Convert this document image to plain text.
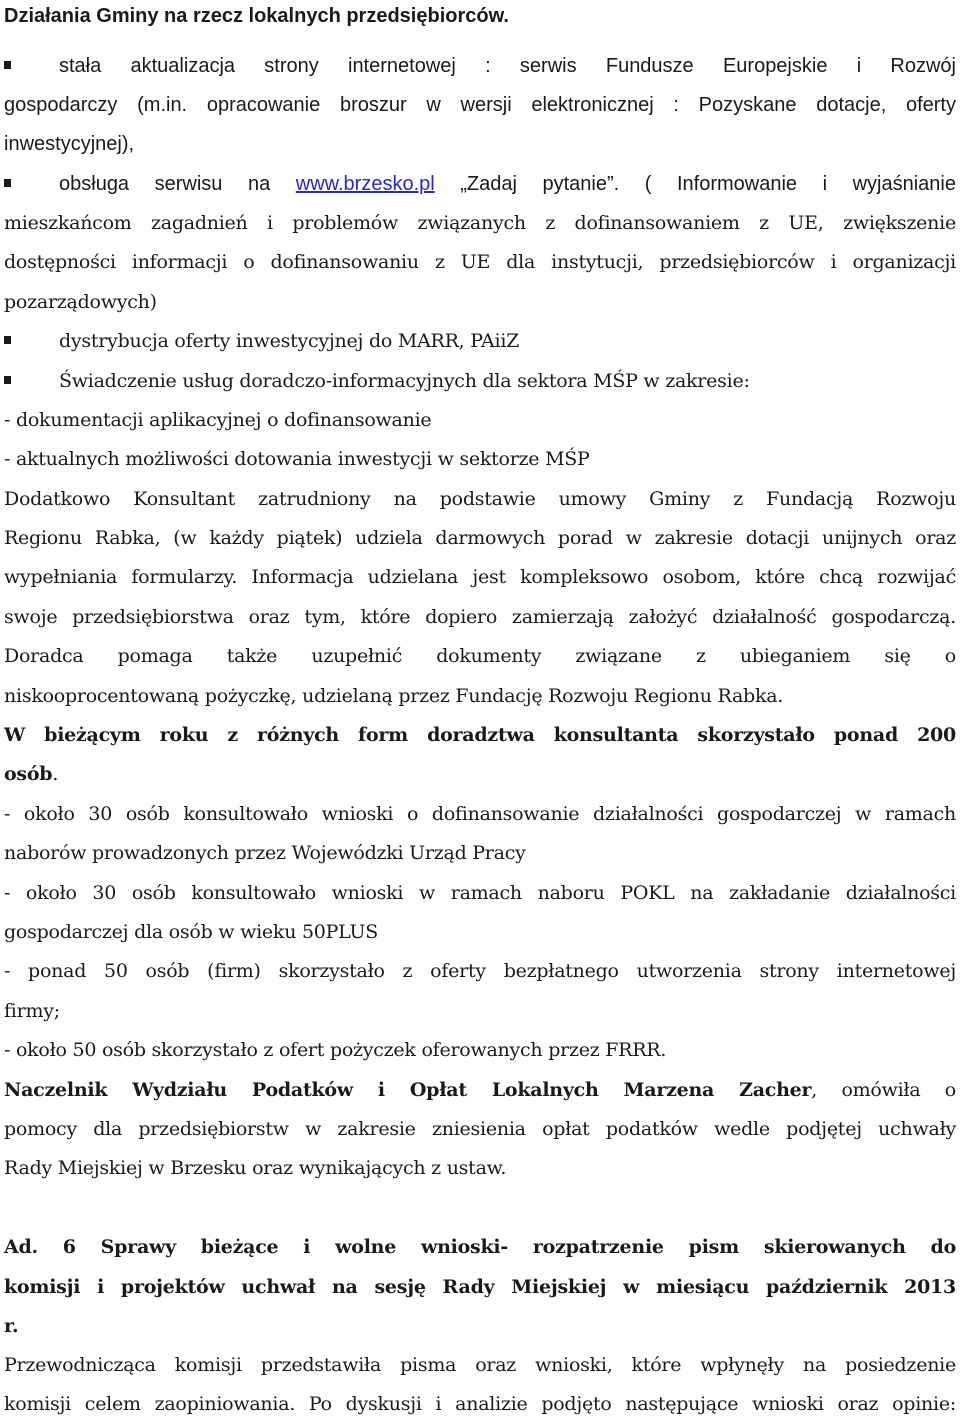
Działania Gminy na rzecz lokalnych przedsiębiorców.
stała aktualizacja strony internetowej : serwis Fundusze Europejskie i Rozwój
gospodarczy (m.in. opracowanie broszur w wersji elektronicznej : Pozyskane dotacje, oferty
inwestycyjnej),
obsługa serwisu na www.brzesko.pl „Zadaj pytanie”. ( Informowanie i wyjaśnianie
mieszkańcom zagadnień i problemów związanych z dofinansowaniem z UE, zwiększenie
dostępności informacji o dofinansowaniu z UE dla instytucji, przedsiębiorców i organizacji
pozarządowych)
dystrybucja oferty inwestycyjnej do MARR, PAiiZ
Świadczenie usług doradczo-informacyjnych dla sektora MŚP w zakresie:
- dokumentacji aplikacyjnej o dofinansowanie
- aktualnych możliwości dotowania inwestycji w sektorze MŚP
Dodatkowo Konsultant zatrudniony na podstawie umowy Gminy z Fundacją Rozwoju
Regionu Rabka, (w każdy piątek) udziela darmowych porad w zakresie dotacji unijnych oraz
wypełniania formularzy. Informacja udzielana jest kompleksowo osobom, które chcą rozwijać
swoje przedsiębiorstwa oraz tym, które dopiero zamierzają założyć działalność gospodarczą.
Doradca pomaga także uzupełnić dokumenty związane z ubieganiem się o
niskooprocentowaną pożyczkę, udzielaną przez Fundację Rozwoju Regionu Rabka.
W bieżącym roku z różnych form doradztwa konsultanta skorzystało ponad 200
osób.
- około 30 osób konsultowało wnioski o dofinansowanie działalności gospodarczej w ramach
naborów prowadzonych przez Wojewódzki Urząd Pracy
- około 30 osób konsultowało wnioski w ramach naboru POKL na zakładanie działalności
gospodarczej dla osób w wieku 50PLUS
- ponad 50 osób (firm) skorzystało z oferty bezpłatnego utworzenia strony internetowej
firmy;
- około 50 osób skorzystało z ofert pożyczek oferowanych przez FRRR.
Naczelnik Wydziału Podatków i Opłat Lokalnych Marzena Zacher, omówiła o
pomocy dla przedsiębiorstw w zakresie zniesienia opłat podatków wedle podjętej uchwały
Rady Miejskiej w Brzesku oraz wynikających z ustaw.
Ad. 6 Sprawy bieżące i wolne wnioski- rozpatrzenie pism skierowanych do
komisji i projektów uchwał na sesję Rady Miejskiej w miesiącu październik 2013
r.
Przewodnicząca komisji przedstawiła pisma oraz wnioski, które wpłynęły na posiedzenie
komisji celem zaopiniowania. Po dyskusji i analizie podjęto następujące wnioski oraz opinie:
